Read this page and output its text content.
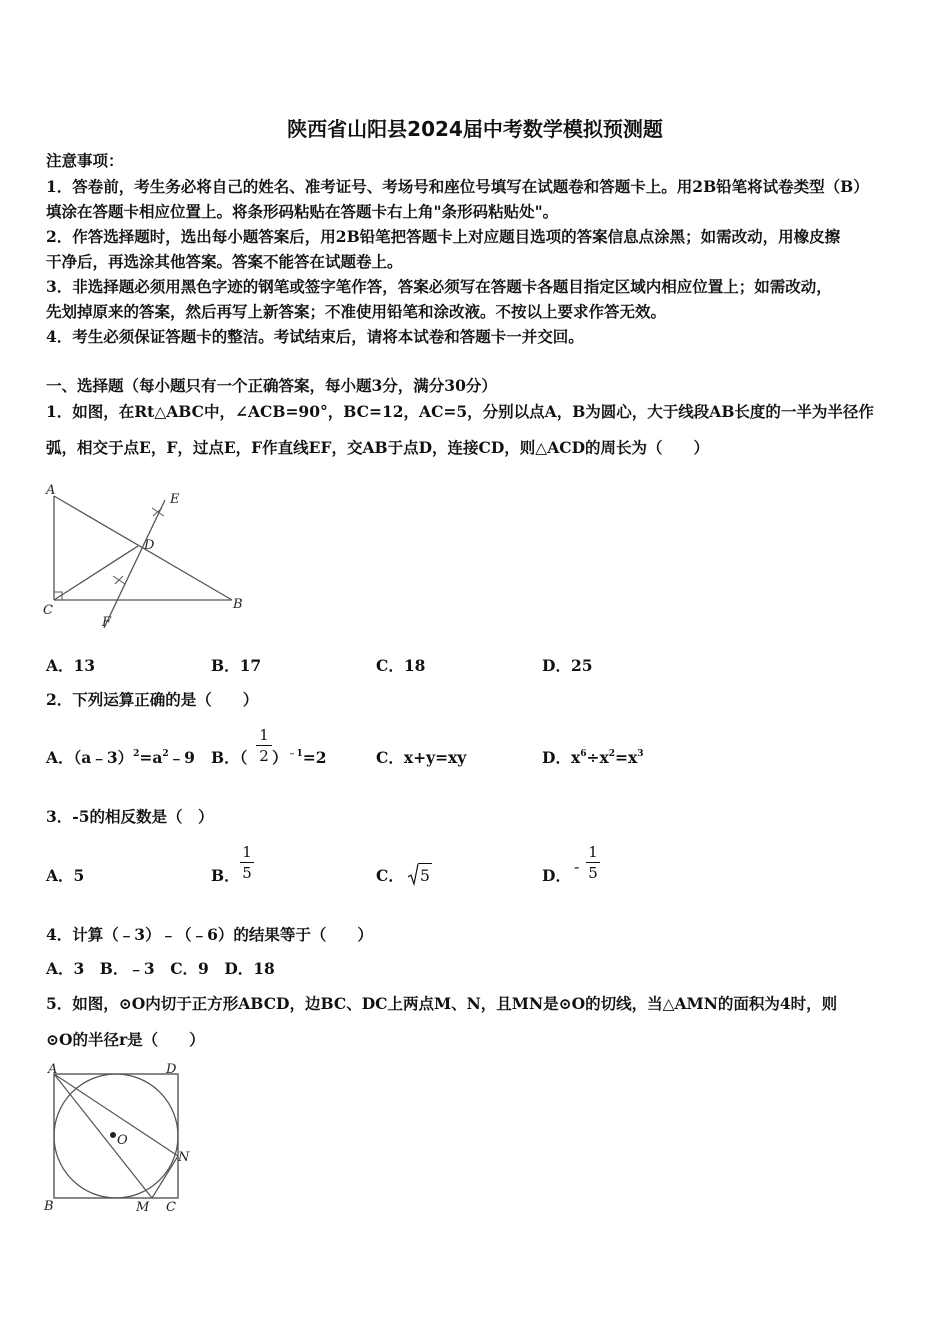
陕西省山阳县2024届中考数学模拟预测题
注意事项：
1．答卷前，考生务必将自己的姓名、准考证号、考场号和座位号填写在试题卷和答题卡上。用2B铅笔将试卷类型（B）
填涂在答题卡相应位置上。将条形码粘贴在答题卡右上角"条形码粘贴处"。
2．作答选择题时，选出每小题答案后，用2B铅笔把答题卡上对应题目选项的答案信息点涂黑；如需改动，用橡皮擦
干净后，再选涂其他答案。答案不能答在试题卷上。
3．非选择题必须用黑色字迹的钢笔或签字笔作答，答案必须写在答题卡各题目指定区域内相应位置上；如需改动，
先划掉原来的答案，然后再写上新答案；不准使用铅笔和涂改液。不按以上要求作答无效。
4．考生必须保证答题卡的整洁。考试结束后，请将本试卷和答题卡一并交回。
一、选择题（每小题只有一个正确答案，每小题3分，满分30分）
1．如图，在Rt△ABC中，∠ACB=90°，BC=12，AC=5，分别以点A，B为圆心，大于线段AB长度的一半为半径作
弧，相交于点E，F，过点E，F作直线EF，交AB于点D，连接CD，则△ACD的周长为（　　）
A
E
D
C	B
F
A．13	B．17	C．18	D．25
2．下列运算正确的是（　　）
A．$(a﹣3)^2=a^2﹣9$ B．（
1
2 ）$^{﹣1}$=2	C．x+y=xy	D．$x^6\div x^2=x^3$
3．-5的相反数是（　）
A．5	B．
1
5	C． 5	D． -
1
5
4．计算（﹣3）﹣（﹣6）的结果等于（　　）
A．3　B．﹣3　C．9　D．18
5．如图，⊙O内切于正方形ABCD，边BC、DC上两点M、N，且MN是⊙O的切线，当△AMN的面积为4时，则
⊙O的半径r是（　　）
A	D
O
N
B	M C
